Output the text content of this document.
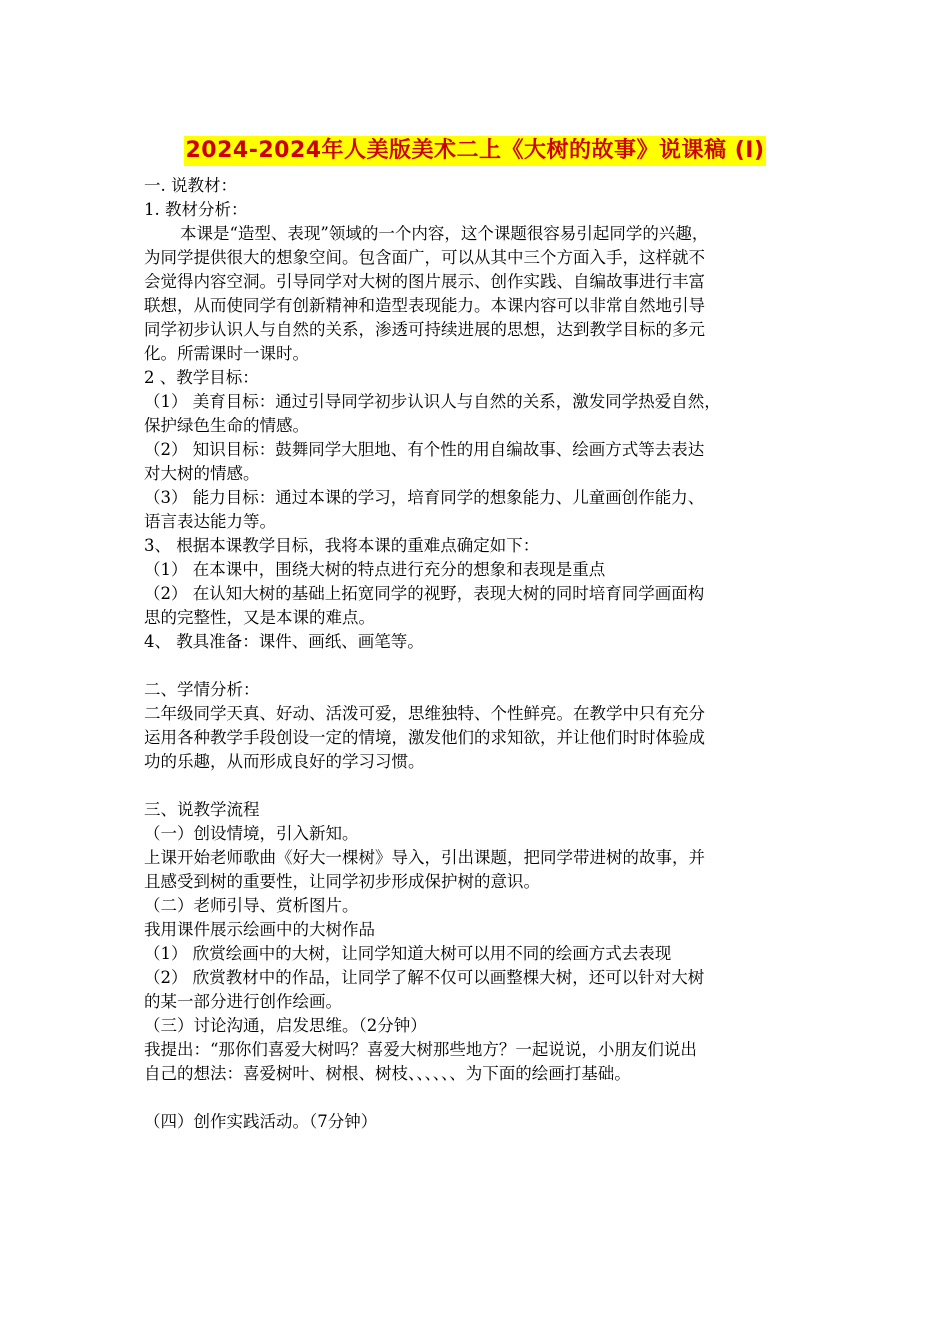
2024-2024年人美版美术二上《大树的故事》说课稿 (I)
一. 说教材：
1. 教材分析：
本课是“造型、表现”领域的一个内容，这个课题很容易引起同学的兴趣，
为同学提供很大的想象空间。包含面广，可以从其中三个方面入手，这样就不
会觉得内容空洞。引导同学对大树的图片展示、创作实践、自编故事进行丰富
联想，从而使同学有创新精神和造型表现能力。本课内容可以非常自然地引导
同学初步认识人与自然的关系，渗透可持续进展的思想，达到教学目标的多元
化。所需课时一课时。
2 、教学目标：
（1） 美育目标：通过引导同学初步认识人与自然的关系，激发同学热爱自然，
保护绿色生命的情感。
（2） 知识目标：鼓舞同学大胆地、有个性的用自编故事、绘画方式等去表达
对大树的情感。
（3） 能力目标：通过本课的学习，培育同学的想象能力、儿童画创作能力、
语言表达能力等。
3、 根据本课教学目标，我将本课的重难点确定如下：
（1） 在本课中，围绕大树的特点进行充分的想象和表现是重点
（2） 在认知大树的基础上拓宽同学的视野，表现大树的同时培育同学画面构
思的完整性，又是本课的难点。
4、 教具准备：课件、画纸、画笔等。
二、学情分析：
二年级同学天真、好动、活泼可爱，思维独特、个性鲜亮。在教学中只有充分
运用各种教学手段创设一定的情境，激发他们的求知欲，并让他们时时体验成
功的乐趣，从而形成良好的学习习惯。
三、说教学流程
（一）创设情境，引入新知。
上课开始老师歌曲《好大一棵树》导入，引出课题，把同学带进树的故事，并
且感受到树的重要性，让同学初步形成保护树的意识。
（二）老师引导、赏析图片。
我用课件展示绘画中的大树作品
（1） 欣赏绘画中的大树，让同学知道大树可以用不同的绘画方式去表现
（2） 欣赏教材中的作品，让同学了解不仅可以画整棵大树，还可以针对大树
的某一部分进行创作绘画。
（三）讨论沟通，启发思维。（2分钟）
我提出：“那你们喜爱大树吗？喜爱大树那些地方？一起说说，小朋友们说出
自己的想法：喜爱树叶、树根、树枝、、、、、、为下面的绘画打基础。
（四）创作实践活动。（7分钟）
